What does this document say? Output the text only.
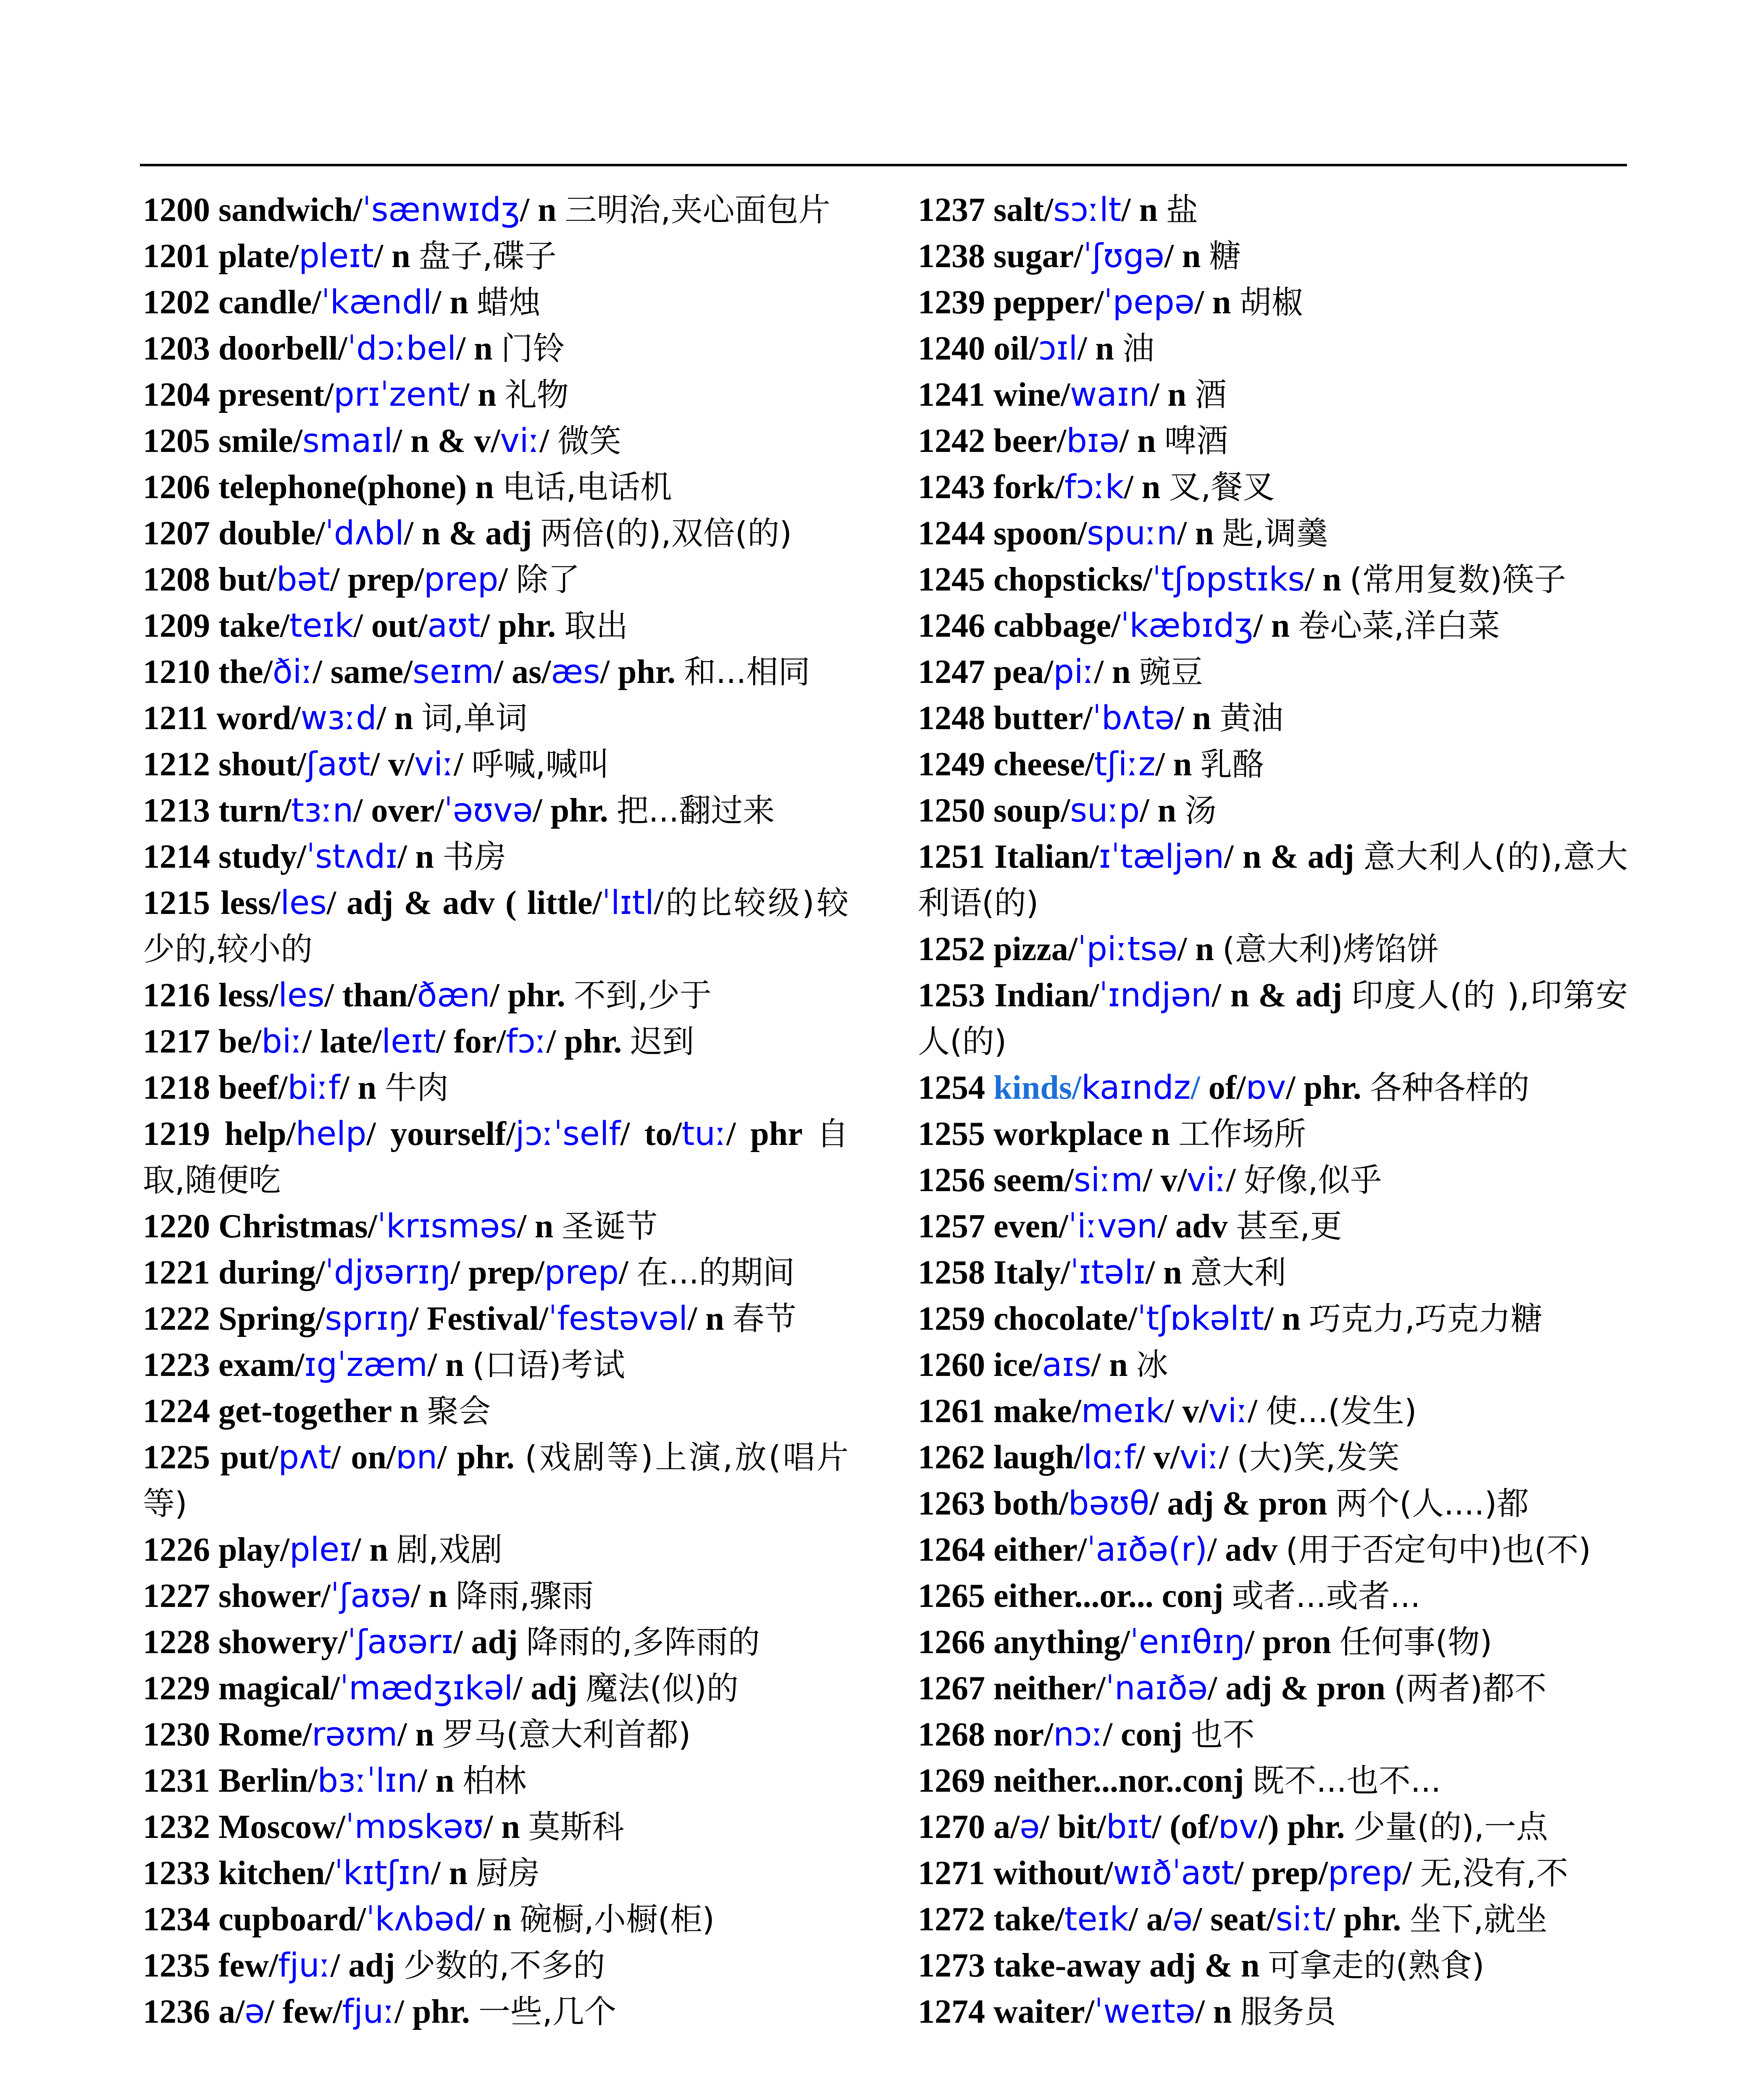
1200 sandwich/ˈsænwɪdʒ/ n 三明治,夹心面包片
1201 plate/pleɪt/ n 盘子,碟子
1202 candle/ˈkændl/ n 蜡烛
1203 doorbell/ˈdɔːbel/ n 门铃
1204 present/prɪˈzent/ n 礼物
1205 smile/smaɪl/ n & v/viː/ 微笑
1206 telephone(phone) n 电话,电话机
1207 double/ˈdʌbl/ n & adj 两倍(的),双倍(的)
1208 but/bət/ prep/prep/ 除了
1209 take/teɪk/ out/aʊt/ phr. 取出
1210 the/ðiː/ same/seɪm/ as/æs/ phr. 和...相同
1211 word/wɜːd/ n 词,单词
1212 shout/ʃaʊt/ v/viː/ 呼喊,喊叫
1213 turn/tɜːn/ over/ˈəʊvə/ phr. 把...翻过来
1214 study/ˈstʌdɪ/ n 书房
1215 less/les/ adj & adv ( little/ˈlɪtl/的比较级)较少的,较小的
1216 less/les/ than/ðæn/ phr. 不到,少于
1217 be/biː/ late/leɪt/ for/fɔː/ phr. 迟到
1218 beef/biːf/ n 牛肉
1219 help/help/ yourself/jɔːˈself/ to/tuː/ phr 自取,随便吃
1220 Christmas/ˈkrɪsməs/ n 圣诞节
1221 during/ˈdjʊərɪŋ/ prep/prep/ 在...的期间
1222 Spring/sprɪŋ/ Festival/ˈfestəvəl/ n 春节
1223 exam/ɪgˈzæm/ n (口语)考试
1224 get-together n 聚会
1225 put/pʌt/ on/ɒn/ phr. (戏剧等)上演,放(唱片等)
1226 play/pleɪ/ n 剧,戏剧
1227 shower/ˈʃaʊə/ n 降雨,骤雨
1228 showery/ˈʃaʊərɪ/ adj 降雨的,多阵雨的
1229 magical/ˈmædʒɪkəl/ adj 魔法(似)的
1230 Rome/rəʊm/ n 罗马(意大利首都)
1231 Berlin/bɜːˈlɪn/ n 柏林
1232 Moscow/ˈmɒskəʊ/ n 莫斯科
1233 kitchen/ˈkɪtʃɪn/ n 厨房
1234 cupboard/ˈkʌbəd/ n 碗橱,小橱(柜)
1235 few/fjuː/ adj 少数的,不多的
1236 a/ə/ few/fjuː/ phr. 一些,几个
1237 salt/sɔːlt/ n 盐
1238 sugar/ˈʃʊgə/ n 糖
1239 pepper/ˈpepə/ n 胡椒
1240 oil/ɔɪl/ n 油
1241 wine/waɪn/ n 酒
1242 beer/bɪə/ n 啤酒
1243 fork/fɔːk/ n 叉,餐叉
1244 spoon/spuːn/ n 匙,调羹
1245 chopsticks/ˈtʃɒpstɪks/ n (常用复数)筷子
1246 cabbage/ˈkæbɪdʒ/ n 卷心菜,洋白菜
1247 pea/piː/ n 豌豆
1248 butter/ˈbʌtə/ n 黄油
1249 cheese/tʃiːz/ n 乳酪
1250 soup/suːp/ n 汤
1251 Italian/ɪˈtæljən/ n & adj 意大利人(的),意大利语(的)
1252 pizza/ˈpiːtsə/ n (意大利)烤馅饼
1253 Indian/ˈɪndjən/ n & adj 印度人(的 ),印第安人(的)
1254 kinds/kaɪndz/ of/ɒv/ phr. 各种各样的
1255 workplace n 工作场所
1256 seem/siːm/ v/viː/ 好像,似乎
1257 even/ˈiːvən/ adv 甚至,更
1258 Italy/ˈɪtəlɪ/ n 意大利
1259 chocolate/ˈtʃɒkəlɪt/ n 巧克力,巧克力糖
1260 ice/aɪs/ n 冰
1261 make/meɪk/ v/viː/ 使...(发生)
1262 laugh/lɑːf/ v/viː/ (大)笑,发笑
1263 both/bəʊθ/ adj & pron 两个(人....)都
1264 either/ˈaɪðə(r)/ adv (用于否定句中)也(不)
1265 either...or... conj 或者...或者...
1266 anything/ˈenɪθɪŋ/ pron 任何事(物)
1267 neither/ˈnaɪðə/ adj & pron (两者)都不
1268 nor/nɔː/ conj 也不
1269 neither...nor..conj 既不...也不...
1270 a/ə/ bit/bɪt/ (of/ɒv/) phr. 少量(的),一点
1271 without/wɪðˈaʊt/ prep/prep/ 无,没有,不
1272 take/teɪk/ a/ə/ seat/siːt/ phr. 坐下,就坐
1273 take-away adj & n 可拿走的(熟食)
1274 waiter/ˈweɪtə/ n 服务员
